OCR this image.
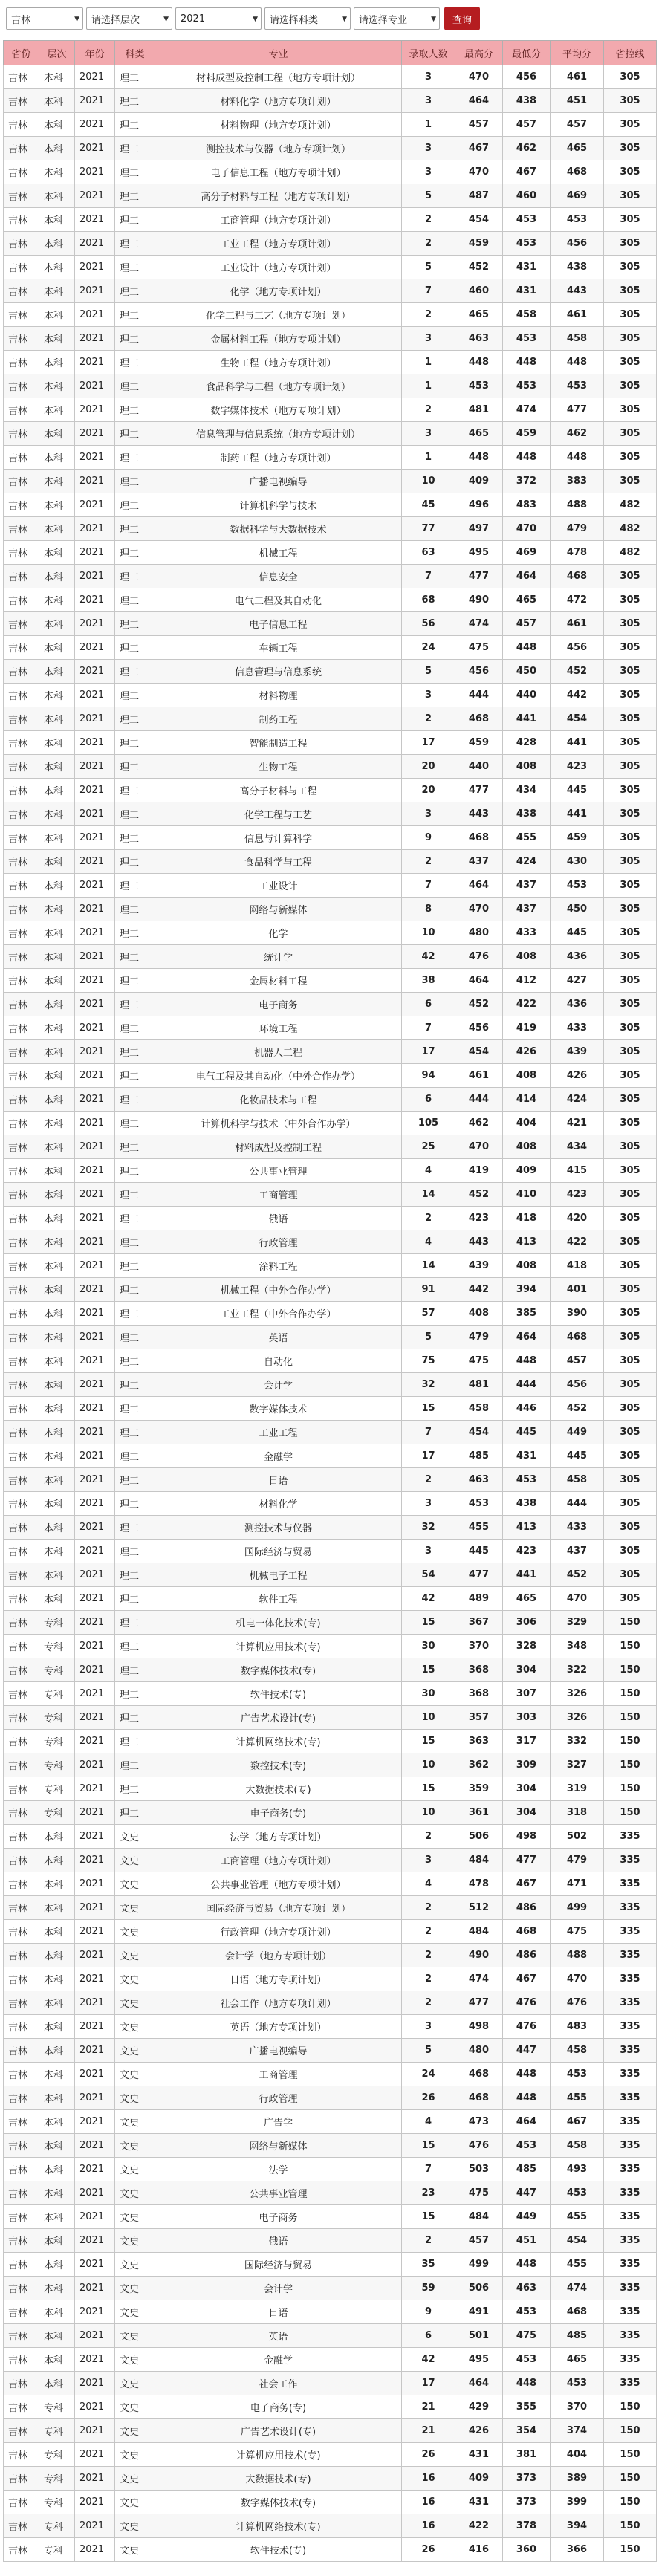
吉林	▼ 请选择层次	▼ 2021	▼ 请选择科类	▼ 请选择专业	▼	查询
省份	层次	年份	科类	专业	录取人数	最高分	最低分	平均分	省控线
吉林	本科	2021	理工	材料成型及控制工程（地方专项计划）	3	470	456	461	305
吉林	本科	2021	理工	材料化学（地方专项计划）	3	464	438	451	305
吉林	本科	2021	理工	材料物理（地方专项计划）	1	457	457	457	305
吉林	本科	2021	理工	测控技术与仪器（地方专项计划）	3	467	462	465	305
吉林	本科	2021	理工	电子信息工程（地方专项计划）	3	470	467	468	305
吉林	本科	2021	理工	高分子材料与工程（地方专项计划）	5	487	460	469	305
吉林	本科	2021	理工	工商管理（地方专项计划）	2	454	453	453	305
吉林	本科	2021	理工	工业工程（地方专项计划）	2	459	453	456	305
吉林	本科	2021	理工	工业设计（地方专项计划）	5	452	431	438	305
吉林	本科	2021	理工	化学（地方专项计划）	7	460	431	443	305
吉林	本科	2021	理工	化学工程与工艺（地方专项计划）	2	465	458	461	305
吉林	本科	2021	理工	金属材料工程（地方专项计划）	3	463	453	458	305
吉林	本科	2021	理工	生物工程（地方专项计划）	1	448	448	448	305
吉林	本科	2021	理工	食品科学与工程（地方专项计划）	1	453	453	453	305
吉林	本科	2021	理工	数字媒体技术（地方专项计划）	2	481	474	477	305
吉林	本科	2021	理工	信息管理与信息系统（地方专项计划）	3	465	459	462	305
吉林	本科	2021	理工	制药工程（地方专项计划）	1	448	448	448	305
吉林	本科	2021	理工	广播电视编导	10	409	372	383	305
吉林	本科	2021	理工	计算机科学与技术	45	496	483	488	482
吉林	本科	2021	理工	数据科学与大数据技术	77	497	470	479	482
吉林	本科	2021	理工	机械工程	63	495	469	478	482
吉林	本科	2021	理工	信息安全	7	477	464	468	305
吉林	本科	2021	理工	电气工程及其自动化	68	490	465	472	305
吉林	本科	2021	理工	电子信息工程	56	474	457	461	305
吉林	本科	2021	理工	车辆工程	24	475	448	456	305
吉林	本科	2021	理工	信息管理与信息系统	5	456	450	452	305
吉林	本科	2021	理工	材料物理	3	444	440	442	305
吉林	本科	2021	理工	制药工程	2	468	441	454	305
吉林	本科	2021	理工	智能制造工程	17	459	428	441	305
吉林	本科	2021	理工	生物工程	20	440	408	423	305
吉林	本科	2021	理工	高分子材料与工程	20	477	434	445	305
吉林	本科	2021	理工	化学工程与工艺	3	443	438	441	305
吉林	本科	2021	理工	信息与计算科学	9	468	455	459	305
吉林	本科	2021	理工	食品科学与工程	2	437	424	430	305
吉林	本科	2021	理工	工业设计	7	464	437	453	305
吉林	本科	2021	理工	网络与新媒体	8	470	437	450	305
吉林	本科	2021	理工	化学	10	480	433	445	305
吉林	本科	2021	理工	统计学	42	476	408	436	305
吉林	本科	2021	理工	金属材料工程	38	464	412	427	305
吉林	本科	2021	理工	电子商务	6	452	422	436	305
吉林	本科	2021	理工	环境工程	7	456	419	433	305
吉林	本科	2021	理工	机器人工程	17	454	426	439	305
吉林	本科	2021	理工	电气工程及其自动化（中外合作办学）	94	461	408	426	305
吉林	本科	2021	理工	化妆品技术与工程	6	444	414	424	305
吉林	本科	2021	理工	计算机科学与技术（中外合作办学）	105	462	404	421	305
吉林	本科	2021	理工	材料成型及控制工程	25	470	408	434	305
吉林	本科	2021	理工	公共事业管理	4	419	409	415	305
吉林	本科	2021	理工	工商管理	14	452	410	423	305
吉林	本科	2021	理工	俄语	2	423	418	420	305
吉林	本科	2021	理工	行政管理	4	443	413	422	305
吉林	本科	2021	理工	涂料工程	14	439	408	418	305
吉林	本科	2021	理工	机械工程（中外合作办学）	91	442	394	401	305
吉林	本科	2021	理工	工业工程（中外合作办学）	57	408	385	390	305
吉林	本科	2021	理工	英语	5	479	464	468	305
吉林	本科	2021	理工	自动化	75	475	448	457	305
吉林	本科	2021	理工	会计学	32	481	444	456	305
吉林	本科	2021	理工	数字媒体技术	15	458	446	452	305
吉林	本科	2021	理工	工业工程	7	454	445	449	305
吉林	本科	2021	理工	金融学	17	485	431	445	305
吉林	本科	2021	理工	日语	2	463	453	458	305
吉林	本科	2021	理工	材料化学	3	453	438	444	305
吉林	本科	2021	理工	测控技术与仪器	32	455	413	433	305
吉林	本科	2021	理工	国际经济与贸易	3	445	423	437	305
吉林	本科	2021	理工	机械电子工程	54	477	441	452	305
吉林	本科	2021	理工	软件工程	42	489	465	470	305
吉林	专科	2021	理工	机电一体化技术(专)	15	367	306	329	150
吉林	专科	2021	理工	计算机应用技术(专)	30	370	328	348	150
吉林	专科	2021	理工	数字媒体技术(专)	15	368	304	322	150
吉林	专科	2021	理工	软件技术(专)	30	368	307	326	150
吉林	专科	2021	理工	广告艺术设计(专)	10	357	303	326	150
吉林	专科	2021	理工	计算机网络技术(专)	15	363	317	332	150
吉林	专科	2021	理工	数控技术(专)	10	362	309	327	150
吉林	专科	2021	理工	大数据技术(专)	15	359	304	319	150
吉林	专科	2021	理工	电子商务(专)	10	361	304	318	150
吉林	本科	2021	文史	法学（地方专项计划）	2	506	498	502	335
吉林	本科	2021	文史	工商管理（地方专项计划）	3	484	477	479	335
吉林	本科	2021	文史	公共事业管理（地方专项计划）	4	478	467	471	335
吉林	本科	2021	文史	国际经济与贸易（地方专项计划）	2	512	486	499	335
吉林	本科	2021	文史	行政管理（地方专项计划）	2	484	468	475	335
吉林	本科	2021	文史	会计学（地方专项计划）	2	490	486	488	335
吉林	本科	2021	文史	日语（地方专项计划）	2	474	467	470	335
吉林	本科	2021	文史	社会工作（地方专项计划）	2	477	476	476	335
吉林	本科	2021	文史	英语（地方专项计划）	3	498	476	483	335
吉林	本科	2021	文史	广播电视编导	5	480	447	458	335
吉林	本科	2021	文史	工商管理	24	468	448	453	335
吉林	本科	2021	文史	行政管理	26	468	448	455	335
吉林	本科	2021	文史	广告学	4	473	464	467	335
吉林	本科	2021	文史	网络与新媒体	15	476	453	458	335
吉林	本科	2021	文史	法学	7	503	485	493	335
吉林	本科	2021	文史	公共事业管理	23	475	447	453	335
吉林	本科	2021	文史	电子商务	15	484	449	455	335
吉林	本科	2021	文史	俄语	2	457	451	454	335
吉林	本科	2021	文史	国际经济与贸易	35	499	448	455	335
吉林	本科	2021	文史	会计学	59	506	463	474	335
吉林	本科	2021	文史	日语	9	491	453	468	335
吉林	本科	2021	文史	英语	6	501	475	485	335
吉林	本科	2021	文史	金融学	42	495	453	465	335
吉林	本科	2021	文史	社会工作	17	464	448	453	335
吉林	专科	2021	文史	电子商务(专)	21	429	355	370	150
吉林	专科	2021	文史	广告艺术设计(专)	21	426	354	374	150
吉林	专科	2021	文史	计算机应用技术(专)	26	431	381	404	150
吉林	专科	2021	文史	大数据技术(专)	16	409	373	389	150
吉林	专科	2021	文史	数字媒体技术(专)	16	431	373	399	150
吉林	专科	2021	文史	计算机网络技术(专)	16	422	378	394	150
吉林	专科	2021	文史	软件技术(专)	26	416	360	366	150
